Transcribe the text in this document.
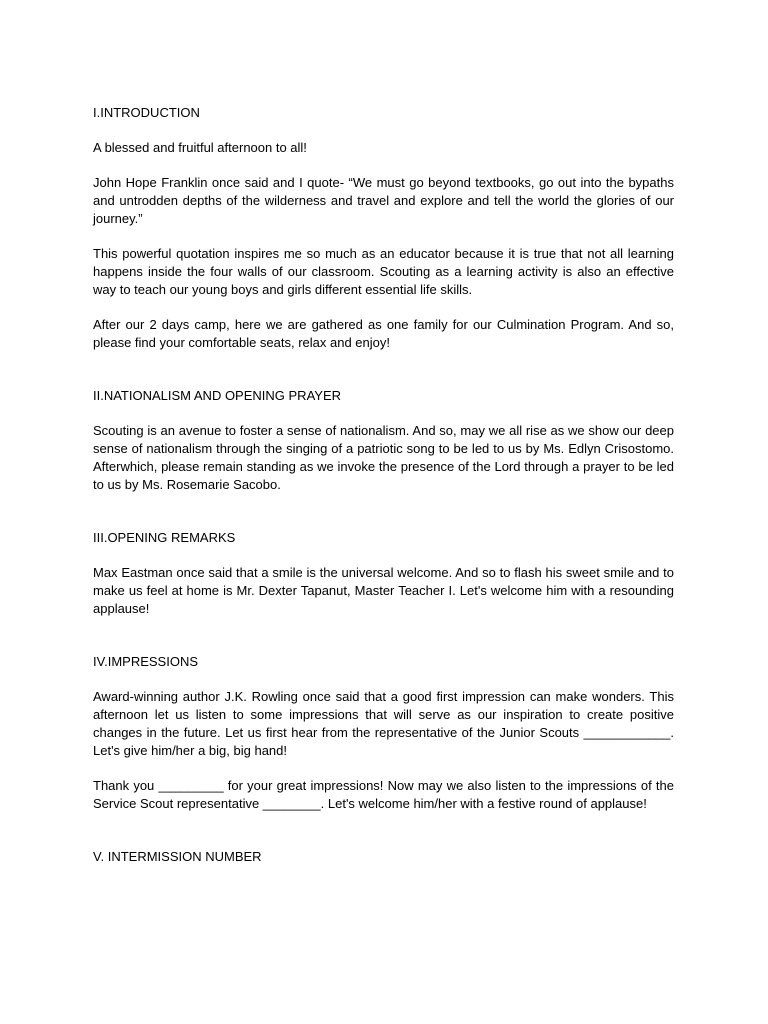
I.INTRODUCTION

A blessed and fruitful afternoon to all!

John Hope Franklin once said and I quote- “We must go beyond textbooks, go out into the bypaths and untrodden depths of the wilderness and travel and explore and tell the world the glories of our journey.”

This powerful quotation inspires me so much as an educator because it is true that not all learning happens inside the four walls of our classroom. Scouting as a learning activity is also an effective way to teach our young boys and girls different essential life skills.

After our 2 days camp, here we are gathered as one family for our Culmination Program. And so, please find your comfortable seats, relax and enjoy!

II.NATIONALISM AND OPENING PRAYER

Scouting is an avenue to foster a sense of nationalism. And so, may we all rise as we show our deep sense of nationalism through the singing of a patriotic song to be led to us by Ms. Edlyn Crisostomo. Afterwhich, please remain standing as we invoke the presence of the Lord through a prayer to be led to us by Ms. Rosemarie Sacobo.

III.OPENING REMARKS

Max Eastman once said that a smile is the universal welcome. And so to flash his sweet smile and to make us feel at home is Mr. Dexter Tapanut, Master Teacher I. Let's welcome him with a resounding applause!

IV.IMPRESSIONS

Award-winning author J.K. Rowling once said that a good first impression can make wonders. This afternoon let us listen to some impressions that will serve as our inspiration to create positive changes in the future. Let us first hear from the representative of the Junior Scouts ____________. Let's give him/her a big, big hand!

Thank you _________ for your great impressions! Now may we also listen to the impressions of the Service Scout representative ________. Let's welcome him/her with a festive round of applause!

V. INTERMISSION NUMBER
